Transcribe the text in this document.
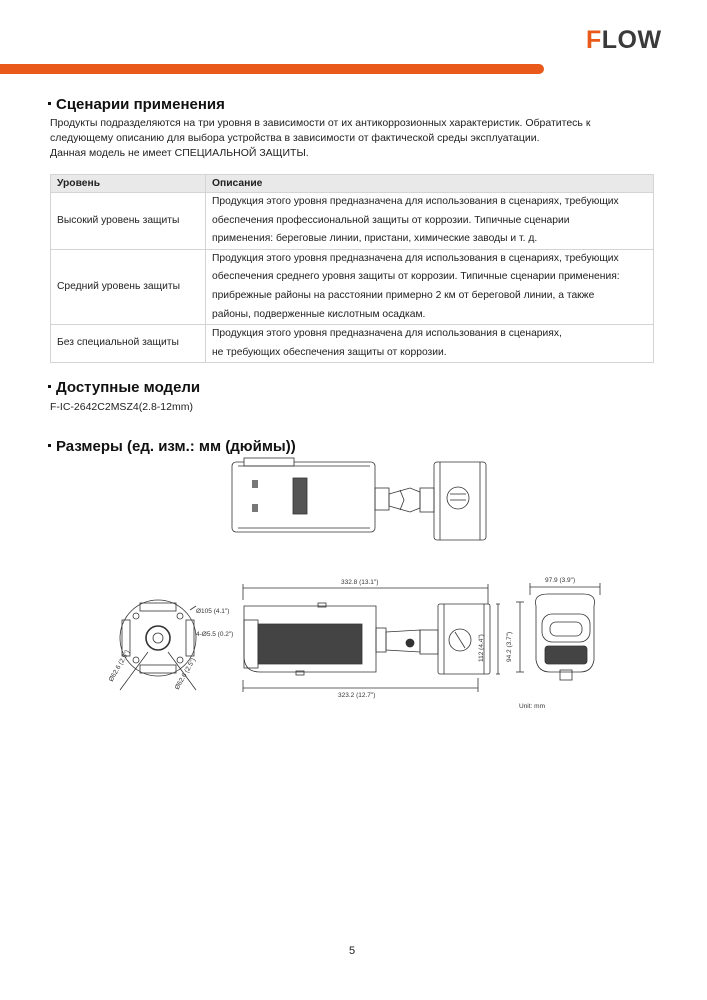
FLOW
Сценарии применения
Продукты подразделяются на три уровня в зависимости от их антикоррозионных характеристик. Обратитесь к
следующему описанию для выбора устройства в зависимости от фактической среды эксплуатации.
Данная модель не имеет СПЕЦИАЛЬНОЙ ЗАЩИТЫ.
Уровень	Описание
Высокий уровень защиты	Продукция этого уровня предназначена для использования в сценариях, требующих
обеспечения профессиональной защиты от коррозии. Типичные сценарии
применения: береговые линии, пристани, химические заводы и т. д.

Средний уровень защиты	Продукция этого уровня предназначена для использования в сценариях, требующих
обеспечения среднего уровня защиты от коррозии. Типичные сценарии применения:
прибрежные районы на расстоянии примерно 2 км от береговой линии, а также
районы, подверженные кислотным осадкам.

Без специальной защиты	Продукция этого уровня предназначена для использования в сценариях,
не требующих обеспечения защиты от коррозии.
Доступные модели
F-IC-2642C2MSZ4(2.8-12mm)
Размеры (ед. изм.: мм (дюймы))
Ø105 (4.1")
4-Ø5.5 (0.2")
Ø62.6 (2.5")	Ø62.6 (2.5")
332.8 (13.1")
323.2 (12.7")
112 (4.4")
97.9 (3.9")
94.2 (3.7")
Unit: mm
5
